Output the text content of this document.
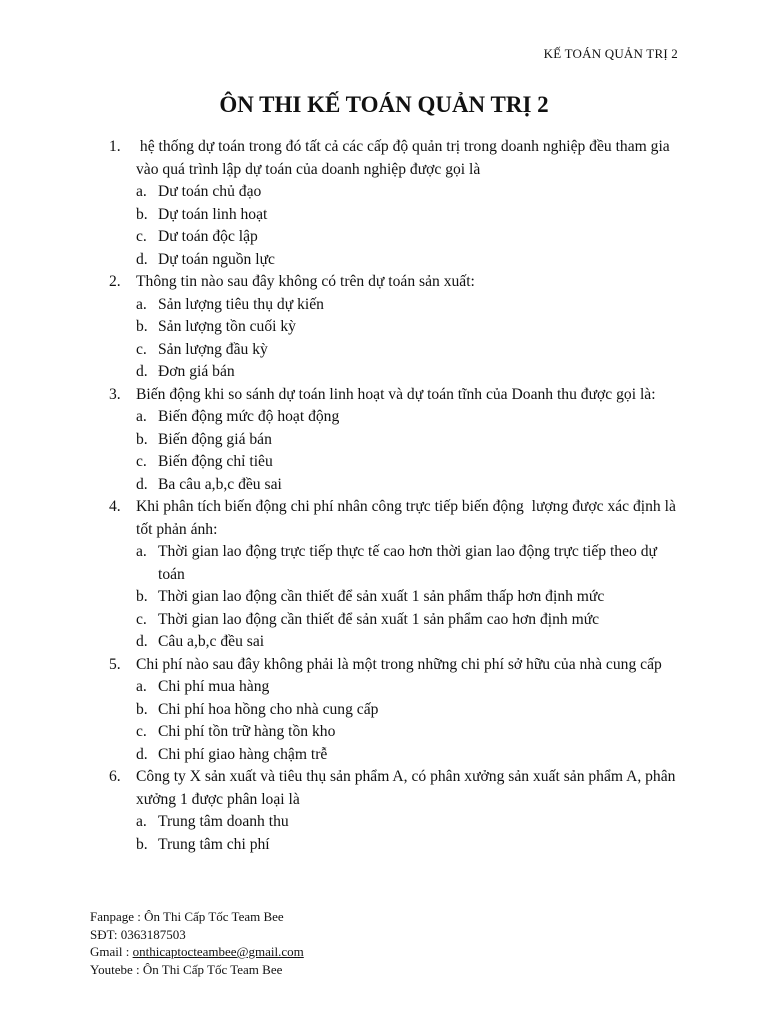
KẾ TOÁN QUẢN TRỊ 2
ÔN THI KẾ TOÁN QUẢN TRỊ 2
1. hệ thống dự toán trong đó tất cả các cấp độ quản trị trong doanh nghiệp đều tham gia vào quá trình lập dự toán của doanh nghiệp được gọi là
a. Dư toán chủ đạo
b. Dự toán linh hoạt
c. Dư toán độc lập
d. Dự toán nguồn lực
2. Thông tin nào sau đây không có trên dự toán sản xuất:
a. Sản lượng tiêu thụ dự kiến
b. Sản lượng tồn cuối kỳ
c. Sản lượng đầu kỳ
d. Đơn giá bán
3. Biến động khi so sánh dự toán linh hoạt và dự toán tĩnh của Doanh thu được gọi là:
a. Biến động mức độ hoạt động
b. Biến động giá bán
c. Biến động chỉ tiêu
d. Ba câu a,b,c đều sai
4. Khi phân tích biến động chi phí nhân công trực tiếp biến động  lượng được xác định là tốt phản ánh:
a. Thời gian lao động trực tiếp thực tế cao hơn thời gian lao động trực tiếp theo dự toán
b. Thời gian lao động cần thiết để sản xuất 1 sản phẩm thấp hơn định mức
c. Thời gian lao động cần thiết để sản xuất 1 sản phẩm cao hơn định mức
d. Câu a,b,c đều sai
5. Chi phí nào sau đây không phải là một trong những chi phí sở hữu của nhà cung cấp
a. Chi phí mua hàng
b. Chi phí hoa hồng cho nhà cung cấp
c. Chi phí tồn trữ hàng tồn kho
d. Chi phí giao hàng chậm trễ
6. Công ty X sản xuất và tiêu thụ sản phẩm A, có phân xưởng sản xuất sản phẩm A, phân xưởng 1 được phân loại là
a. Trung tâm doanh thu
b. Trung tâm chi phí
Fanpage : Ôn Thi Cấp Tốc Team Bee
SĐT: 0363187503
Gmail : onthicaptocteambee@gmail.com
Youtebe : Ôn Thi Cấp Tốc Team Bee
